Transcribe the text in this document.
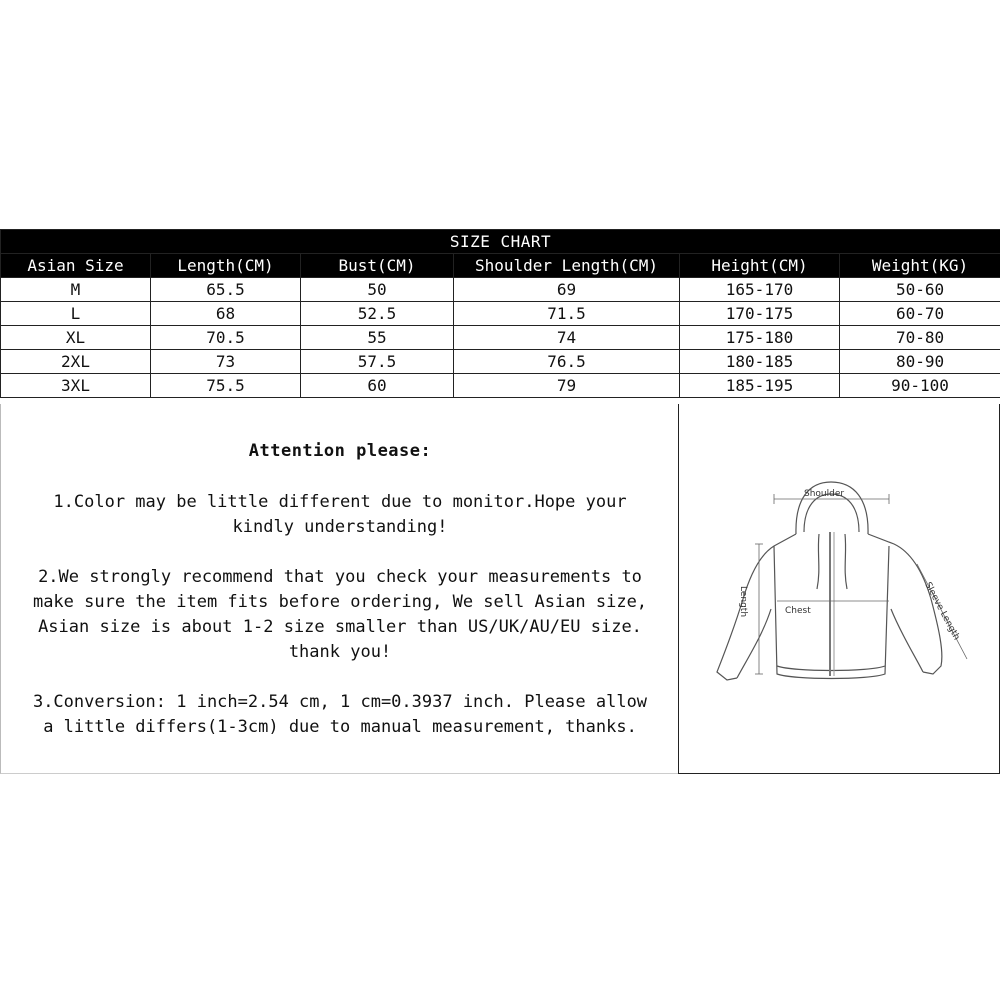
SIZE CHART					
Asian Size	Length(CM)	Bust(CM)	Shoulder Length(CM)	Height(CM)	Weight(KG)
M	65.5	50	69	165-170	50-60
L	68	52.5	71.5	170-175	60-70
XL	70.5	55	74	175-180	70-80
2XL	73	57.5	76.5	180-185	80-90
3XL	75.5	60	79	185-195	90-100
Attention please:
1.Color may be little different due to monitor.Hope your
kindly understanding!
2.We strongly recommend that you check your measurements to
make sure the item fits before ordering, We sell Asian size,
Asian size is about 1-2 size smaller than US/UK/AU/EU size.
thank you!
3.Conversion: 1 inch=2.54 cm, 1 cm=0.3937 inch. Please allow
a little differs(1-3cm) due to manual measurement, thanks.
Shoulder
Length	Chest	Sleeve Length
